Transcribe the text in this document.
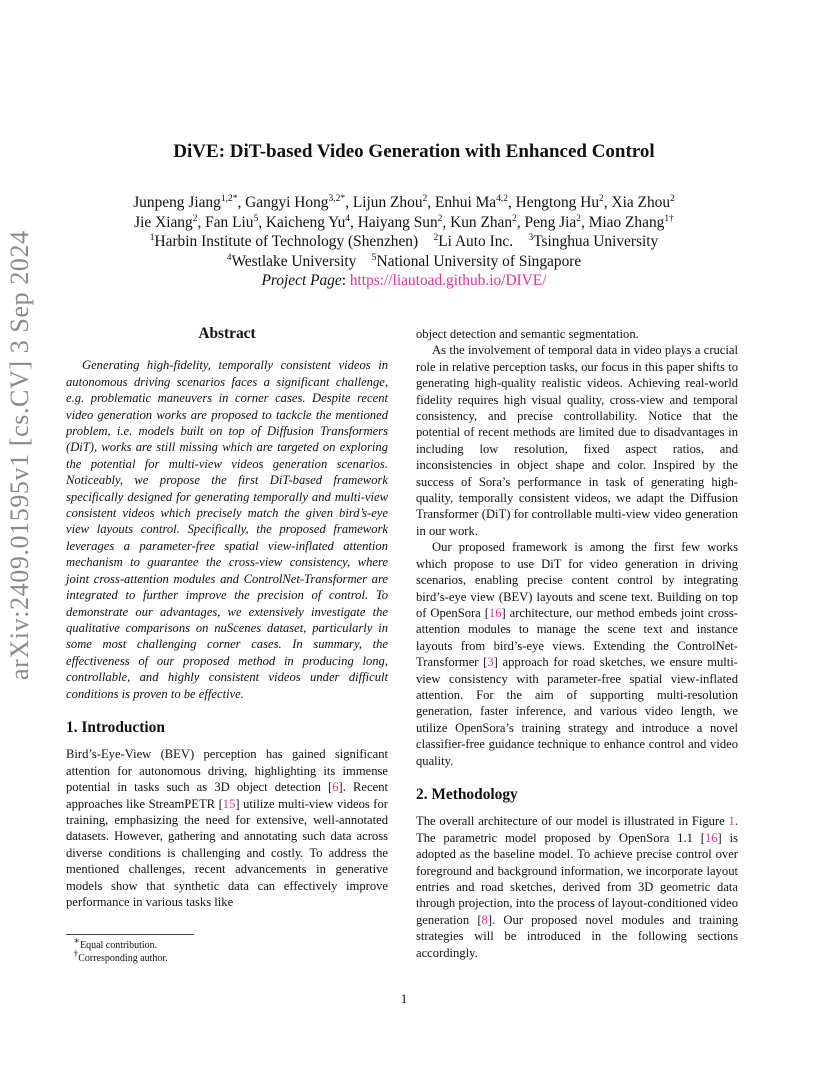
arXiv:2409.01595v1 [cs.CV] 3 Sep 2024
DiVE: DiT-based Video Generation with Enhanced Control
Junpeng Jiang$^{1,2*}$, Gangyi Hong$^{3,2*}$, Lijun Zhou$^2$, Enhui Ma$^{4,2}$, Hengtong Hu$^2$, Xia Zhou$^2$
Jie Xiang$^2$, Fan Liu$^5$, Kaicheng Yu$^4$, Haiyang Sun$^2$, Kun Zhan$^2$, Peng Jia$^2$, Miao Zhang$^{1\dagger}$
$^1$Harbin Institute of Technology (Shenzhen) $^2$Li Auto Inc. $^3$Tsinghua University
$^4$Westlake University $^5$National University of Singapore
Project Page: https://liautoad.github.io/DIVE/
Abstract

Generating high-fidelity, temporally consistent videos in autonomous driving scenarios faces a significant challenge, e.g. problematic maneuvers in corner cases. Despite recent video generation works are proposed to tackcle the mentioned problem, i.e. models built on top of Diffusion Transformers (DiT), works are still missing which are targeted on exploring the potential for multi-view videos generation scenarios. Noticeably, we propose the first DiT-based framework specifically designed for generating temporally and multi-view consistent videos which precisely match the given bird’s-eye view layouts control. Specifically, the proposed framework leverages a parameter-free spatial view-inflated attention mechanism to guarantee the cross-view consistency, where joint cross-attention modules and ControlNet-Transformer are integrated to further improve the precision of control. To demonstrate our advantages, we extensively investigate the qualitative comparisons on nuScenes dataset, particularly in some most challenging corner cases. In summary, the effectiveness of our proposed method in producing long, controllable, and highly consistent videos under difficult conditions is proven to be effective.

1. Introduction

Bird’s-Eye-View (BEV) perception has gained significant attention for autonomous driving, highlighting its immense potential in tasks such as 3D object detection [6]. Recent approaches like StreamPETR [15] utilize multi-view videos for training, emphasizing the need for extensive, well-annotated datasets. However, gathering and annotating such data across diverse conditions is challenging and costly. To address the mentioned challenges, recent advancements in generative models show that synthetic data can effectively improve performance in various tasks like

object detection and semantic segmentation.

As the involvement of temporal data in video plays a crucial role in relative perception tasks, our focus in this paper shifts to generating high-quality realistic videos. Achieving real-world fidelity requires high visual quality, cross-view and temporal consistency, and precise controllability. Notice that the potential of recent methods are limited due to disadvantages in including low resolution, fixed aspect ratios, and inconsistencies in object shape and color. Inspired by the success of Sora’s performance in task of generating high-quality, temporally consistent videos, we adapt the Diffusion Transformer (DiT) for controllable multi-view video generation in our work.

Our proposed framework is among the first few works which propose to use DiT for video generation in driving scenarios, enabling precise content control by integrating bird’s-eye view (BEV) layouts and scene text. Building on top of OpenSora [16] architecture, our method embeds joint cross-attention modules to manage the scene text and instance layouts from bird’s-eye views. Extending the ControlNet-Transformer [3] approach for road sketches, we ensure multi-view consistency with parameter-free spatial view-inflated attention. For the aim of supporting multi-resolution generation, faster inference, and various video length, we utilize OpenSora’s training strategy and introduce a novel classifier-free guidance technique to enhance control and video quality.

2. Methodology

The overall architecture of our model is illustrated in Figure 1. The parametric model proposed by OpenSora 1.1 [16] is adopted as the baseline model. To achieve precise control over foreground and background information, we incorporate layout entries and road sketches, derived from 3D geometric data through projection, into the process of layout-conditioned video generation [8]. Our proposed novel modules and training strategies will be introduced in the following sections accordingly.

∗Equal contribution.
†Corresponding author.
1
